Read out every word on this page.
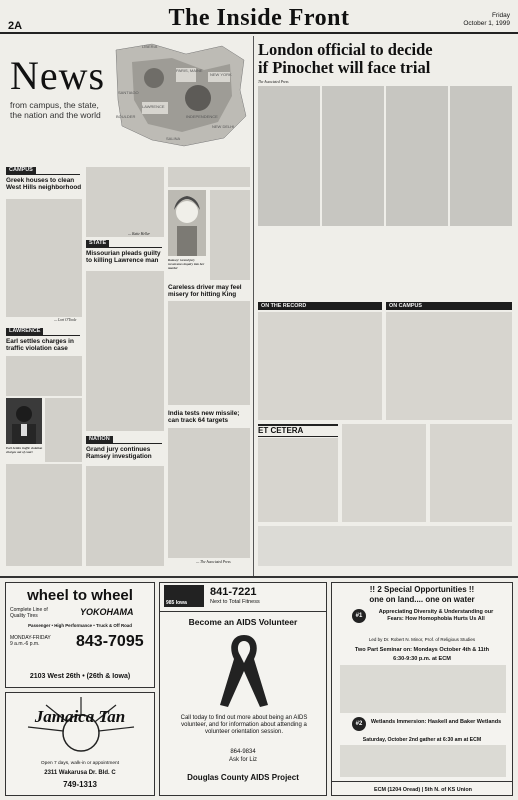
2A	The Inside Front	Friday
October 1, 1999
News
from campus, the state,
the nation and the world
LIBERIA
PARIS, MAINE
NEW YORK
SANTIAGO
LAWRENCE
BOULDER	INDEPENDENCE
NEW DELHI
SALINA
London official to decide
if Pinochet will face trial
The Associated Press
CAMPUS
Greek houses to clean West Hills neighborhood
— Lori O'Toole
LAWRENCE
Earl settles charges in traffic violation case
Earl Settles traffic violation charges out of court
STATE
Missourian pleads guilty to killing Lawrence man
— Katie Heller
NATION
Grand jury continues Ramsey investigation
Ramsey: Grand jury reconvenes inquiry into her murder
Careless driver may feel misery for hitting King
India tests new missile; can track 64 targets
— The Associated Press
ON THE RECORD	ON CAMPUS
ET CETERA
wheel to wheel
Complete Line of
Quality Tires	YOKOHAMA
Passenger • High Performance • Truck & Off Road
MONDAY-FRIDAY
9 a.m.-6 p.m.	843-7095
2103 West 26th • (26th & Iowa)
Jamaica Tan
Open 7 days, walk-in or appointment
2311 Wakarusa Dr. Bld. C
749-1313
841-7221
985 Iowa	Next to Total Fitness
Become an AIDS Volunteer
Call today to find out more about being an AIDS volunteer, and for information about attending a volunteer orientation session.
864-9834
Ask for Liz
Douglas County AIDS Project
!! 2 Special Opportunities !!
one on land.... one on water
#1
Appreciating Diversity & Understanding our Fears: How Homophobia Hurts Us All
Led by Dr. Robert N. Minor, Prof. of Religious Studies
Two Part Seminar on: Mondays October 4th & 11th
6:30-9:30 p.m. at ECM
#2	Wetlands Immersion: Haskell and Baker Wetlands
Saturday, October 2nd gather at 6:30 am at ECM
ECM (1204 Oread) | 5th N. of KS Union
